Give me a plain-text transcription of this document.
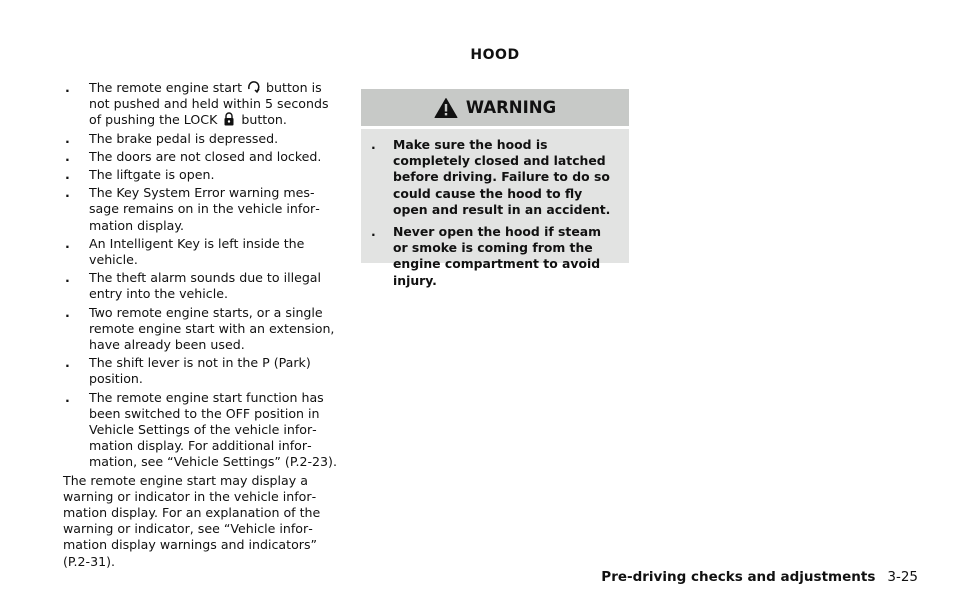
. The remote engine start button is not pushed and held within 5 seconds of pushing the LOCK button.
. The brake pedal is depressed.
. The doors are not closed and locked.
. The liftgate is open.
. The Key System Error warning message remains on in the vehicle information display.
. An Intelligent Key is left inside the vehicle.
. The theft alarm sounds due to illegal entry into the vehicle.
. Two remote engine starts, or a single remote engine start with an extension, have already been used.
. The shift lever is not in the P (Park) position.
. The remote engine start function has been switched to the OFF position in Vehicle Settings of the vehicle information display. For additional information, see “Vehicle Settings” (P.2-23).
The remote engine start may display a warning or indicator in the vehicle information display. For an explanation of the warning or indicator, see “Vehicle information display warnings and indicators” (P.2-31).
HOOD
WARNING
. Make sure the hood is completely closed and latched before driving. Failure to do so could cause the hood to fly open and result in an accident.
. Never open the hood if steam or smoke is coming from the engine compartment to avoid injury.
Pre-driving checks and adjustments 3-25
